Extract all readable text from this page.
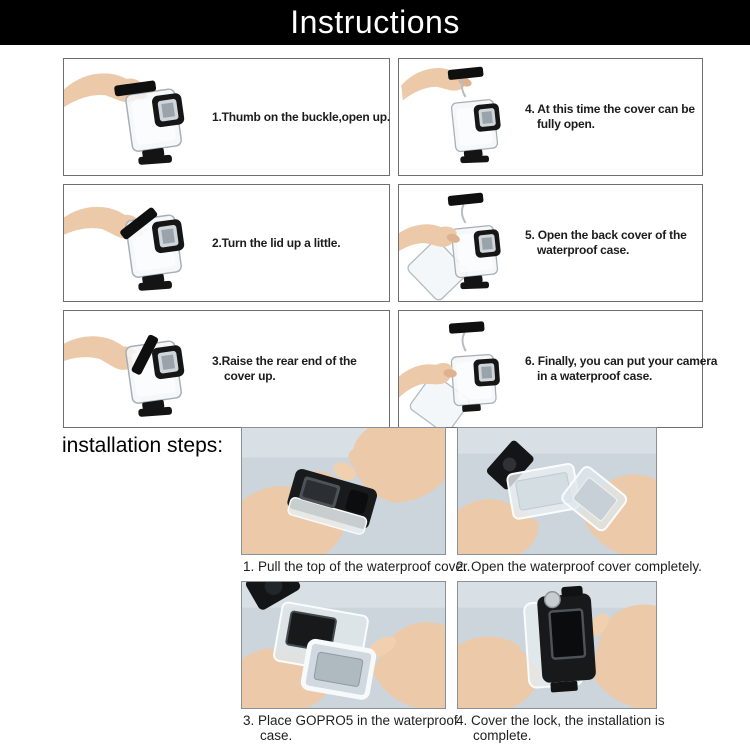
Instructions
1.Thumb on the buckle,open up.
2.Turn the lid up a little.
3.Raise the rear end of the
cover up.
4. At this time the cover can be
fully open.
5. Open the back cover of the
waterproof case.
6. Finally, you can put your camera
in a waterproof case.
installation steps:
1. Pull the top of the waterproof cover.
2. Open the waterproof cover completely.
3. Place GOPRO5 in the waterproof
case.
4. Cover the lock, the installation is
complete.
